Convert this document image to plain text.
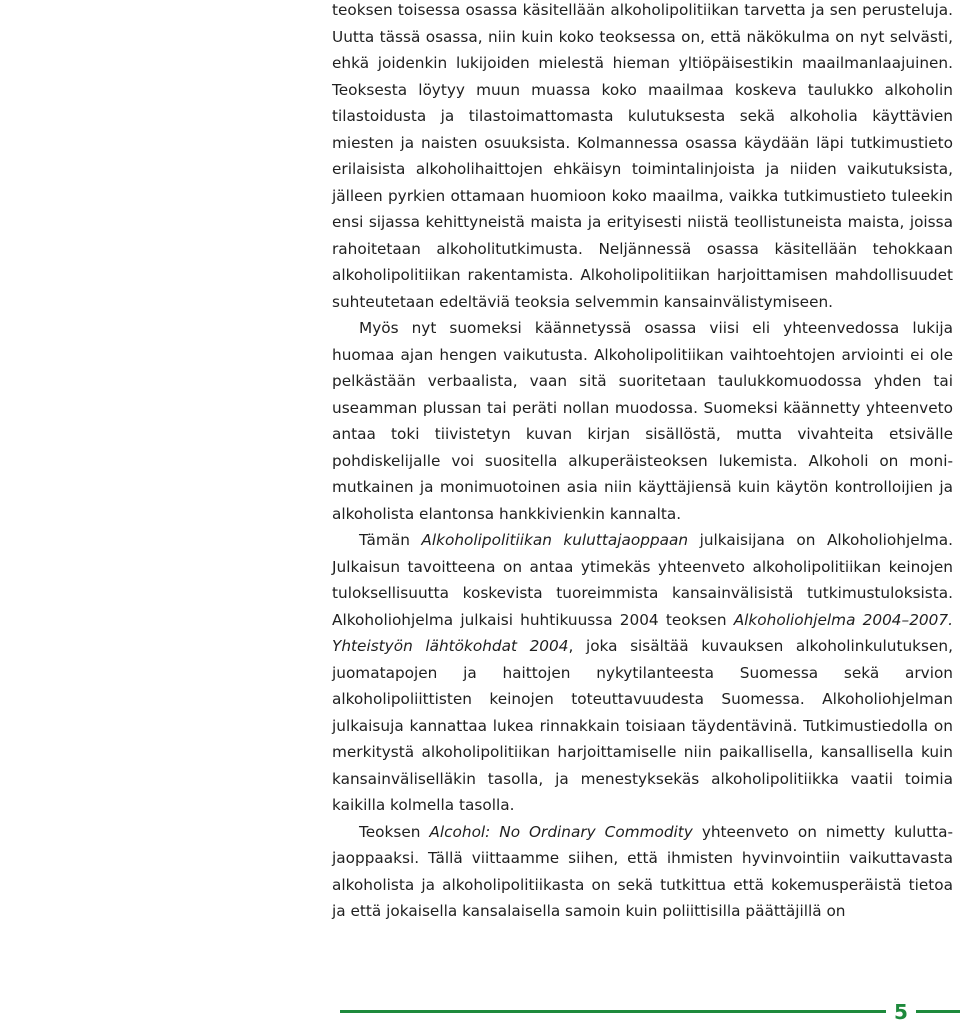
teoksen toisessa osassa käsitellään alkoholipolitiikan tarvetta ja sen perusteluja. Uutta tässä osassa, niin kuin koko teoksessa on, että näkökulma on nyt selvästi, ehkä joidenkin lukijoiden mielestä hieman yltiöpäisestikin maailmanlaajuinen. Teoksesta löytyy muun muassa koko maailmaa koskeva taulukko alkoholin tilastoidusta ja tilastoimattomasta kulutuksesta sekä alkoholia käyttävien miesten ja naisten osuuksista. Kolmannessa osassa käydään läpi tutkimustieto erilaisista alkoholihaittojen ehkäisyn toimintalinjoista ja niiden vaikutuksista, jälleen pyrkien ottamaan huomioon koko maailma, vaikka tutkimustieto tuleekin ensi sijassa kehittyneistä maista ja erityisesti niistä teollistuneista maista, joissa rahoitetaan alkoholitutkimusta. Neljännessä osassa käsitellään tehokkaan alkoholipolitiikan rakentamista. Alkoholipolitiikan harjoittamisen mahdollisuudet suhteutetaan edeltäviä teoksia selvemmin kansainvälistymiseen.

Myös nyt suomeksi käännetyssä osassa viisi eli yhteenvedossa lukija huomaa ajan hengen vaikutusta. Alkoholipolitiikan vaihtoehtojen arviointi ei ole pelkästään verbaalista, vaan sitä suoritetaan taulukkomuodossa yhden tai useamman plussan tai peräti nollan muodossa. Suomeksi käännetty yhteenveto antaa toki tiivistetyn kuvan kirjan sisällöstä, mutta vivahteita etsivälle pohdiskelijalle voi suositella alkuperäisteoksen lukemista. Alkoholi on monimutkainen ja monimuotoinen asia niin käyttäjiensä kuin käytön kontrolloijien ja alkoholista elantonsa hankkivienkin kannalta.

Tämän Alkoholipolitiikan kuluttajaoppaan julkaisijana on Alkoholiohjelma. Julkaisun tavoitteena on antaa ytimekäs yhteenveto alkoholipolitiikan keinojen tuloksellisuutta koskevista tuoreimmista kansainvälisistä tutkimustuloksista. Alkoholiohjelma julkaisi huhtikuussa 2004 teoksen Alkoholiohjelma 2004–2007. Yhteistyön lähtökohdat 2004, joka sisältää kuvauksen alkoholinkulutuksen, juomatapojen ja haittojen nykytilanteesta Suomessa sekä arvion alkoholipoliittisten keinojen toteuttavuudesta Suomessa. Alkoholiohjelman julkaisuja kannattaa lukea rinnakkain toisiaan täydentävinä. Tutkimustiedolla on merkitystä alkoholipolitiikan harjoittamiselle niin paikallisella, kansallisella kuin kansainväliselläkin tasolla, ja menestyksekäs alkoholipolitiikka vaatii toimia kaikilla kolmella tasolla.

Teoksen Alcohol: No Ordinary Commodity yhteenveto on nimetty kuluttajaoppaaksi. Tällä viittaamme siihen, että ihmisten hyvinvointiin vaikuttavasta alkoholista ja alkoholipolitiikasta on sekä tutkittua että kokemusperäistä tietoa ja että jokaisella kansalaisella samoin kuin poliittisilla päättäjillä on

5
